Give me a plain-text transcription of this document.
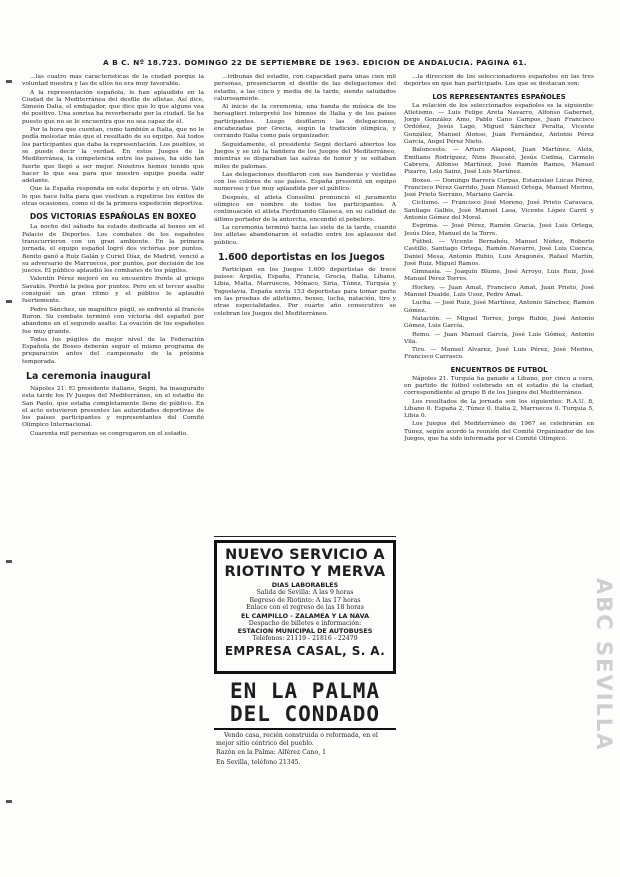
A B C. Nº 18.723. DOMINGO 22 DE SEPTIEMBRE DE 1963. EDICION DE ANDALUCIA. PAGINA 61.

...las cuatro más características de la ciudad porque la voluntad nuestra y las de ellos no era muy favorable.

A la representación española, le han aplaudido en la Ciudad de la Mediterránea del desfile de atletas. Así dice, Simeón Dalia, el embajador, que dice que lo que alguno vea de positivo. Una sonrisa ha reverberado por la ciudad. Se ha puesto que no se le encuentra que no sea capaz de él.

Por la hora que cuentan, como también a Italia, que no le podía molestar más que el resultado de su equipo. Así todos los participantes que daba la representación. Los pueblos, si se puede decir la verdad. En estos Juegos de la Mediterránea, la competencia entre los países, ha sido tan fuerte que llegó a ser mejor. Nosotros hemos tenido que hacer lo que sea para que nuestro equipo pueda salir adelante.

Que la España responda en este deporte y en otros. Vale lo que hace falta para que vuelvan a repetirse los éxitos de otras ocasiones, como el de la primera expedición deportiva.

DOS VICTORIAS ESPAÑOLAS EN BOXEO

La noche del sábado ha estado dedicada al boxeo en el Palacio de Deportes. Los combates de los españoles transcurrieron con un gran ambiente. En la primera jornada, el equipo español logró dos victorias por puntos. Benito ganó a Ruiz Galán y Curiel Díaz, de Madrid, venció a su adversario de Marruecos, por puntos, por decisión de los jueces. El público aplaudió los combates de los púgiles.

Valentín Pérez mejoró en su encuentro frente al griego Savakis. Perdió la pelea por puntos. Pero en el tercer asalto consiguió un gran ritmo y el público le aplaudió fuertemente.

Pedro Sánchez, un magnífico púgil, se enfrentó al francés Buron. Su combate terminó con victoria del español por abandono en el segundo asalto. La ovación de los españoles fue muy grande.

Todos los púgiles de mejor nivel de la Federación Española de Boxeo deberán seguir el mismo programa de preparación antes del campeonato de la próxima temporada.

La ceremonia inaugural

Nápoles 21. El presidente italiano, Segni, ha inaugurado esta tarde los IV Juegos del Mediterráneo, en el estadio de San Paolo, que estaba completamente lleno de público. En el acto estuvieron presentes las autoridades deportivas de los países participantes y representantes del Comité Olímpico Internacional.

Cuarenta mil personas se congregaron en el estadio.

...tribunas del estadio, con capacidad para unas cien mil personas, presenciaron el desfile de las delegaciones del estadio, a las cinco y media de la tarde, siendo saludados calurosamente.

Al inicio de la ceremonia, una banda de música de los bersaglieri interpretó los himnos de Italia y de los países participantes. Luego desfilaron las delegaciones, encabezadas por Grecia, según la tradición olímpica, y cerrando Italia como país organizador.

Seguidamente, el presidente Segni declaró abiertos los Juegos y se izó la bandera de los Juegos del Mediterráneo, mientras se disparaban las salvas de honor y se soltaban miles de palomas.

Las delegaciones desfilaron con sus banderas y vestidas con los colores de sus países. España presentó un equipo numeroso y fue muy aplaudida por el público.

Después, el atleta Consolini pronunció el juramento olímpico en nombre de todos los participantes. A continuación el atleta Ferdinando Glausca, en su calidad de último portador de la antorcha, encendió el pebetero.

La ceremonia terminó hacia las siete de la tarde, cuando los atletas abandonaron el estadio entre los aplausos del público.

1.600 deportistas en los Juegos

Participan en los Juegos 1.600 deportistas de trece países: Argelia, España, Francia, Grecia, Italia, Líbano, Libia, Malta, Marruecos, Mónaco, Siria, Túnez, Turquía y Yugoslavia. España envía 153 deportistas para tomar parte en las pruebas de atletismo, boxeo, lucha, natación, tiro y otras especialidades. Por cuarto año consecutivo se celebran los Juegos del Mediterráneo.

NUEVO SERVICIO A
RIOTINTO Y MERVA
DIAS LABORABLES
Salida de Sevilla: A las 9 horas
Regreso de Riotinto: A las 17 horas
Enlace con el regreso de las 18 horas
EL CAMPILLO - ZALAMEA Y LA NAVA
Despacho de billetes e información:
ESTACION MUNICIPAL DE AUTOBUSES
Teléfonos: 21119 - 21816 - 22479
EMPRESA CASAL, S. A.
EN LA PALMA DEL CONDADO
Vendo casa, recién construida o reformada, en el mejor sitio céntrico del pueblo.
Razón en la Palma: Alférez Cano, 1
En Sevilla, teléfono 21345.

...la dirección de los seleccionadores españoles en las tres deportes en que han participado. Los que se destacan son:

LOS REPRESENTANTES ESPAÑOLES

La relación de los seleccionados españoles es la siguiente: Atletismo. — Luis Felipe Areta Navarro, Alfonso Gabernet, Jorge González Amo, Pablo Cano Campos, Juan Francisco Ordóñez, Jesús Lago, Miguel Sánchez Peralta, Vicente González, Manuel Alonso, Juan Fernández, Antonio Pérez García, Angel Pérez Nieto.

Baloncesto. — Arturo Alapont, Juan Martínez, Aleix, Emiliano Rodríguez, Nino Buscató, Jesús Codina, Carmelo Cabrera, Alfonso Martínez, José Ramón Ramos, Manuel Pizarro, Lolo Sainz, José Luis Martínez.

Boxeo. — Domingo Barrera Corpas, Estanislao Lucas Pérez, Francisco Pérez Garrido, Juan Manuel Ortega, Manuel Merino, José Prieto Serrano, Mariano García.

Ciclismo. — Francisco José Moreno, José Prieto Caravaca, Santiago Galbis, José Manuel Lasa, Vicente López Carril y Antonio Gómez del Moral.

Esgrima. — José Pérez, Ramón Gracia, José Luis Ortega, Jesús Díez, Manuel de la Torre.

Fútbol. — Vicente Bernabéu, Manuel Núñez, Roberto Castillo, Santiago Ortega, Ramón Navarro, José Luis Cuenca, Daniel Mesa, Antonio Rubio, Luis Aragonés, Rafael Martín, José Ruiz, Miguel Ramos.

Gimnasia. — Joaquín Blume, José Arroyo, Luis Ruiz, José Manuel Pérez Torres.

Hockey. — Juan Amat, Francisco Amat, Juan Prieto, José Manuel Dualde, Luis Usoz, Pedro Amat.

Lucha. — José Ruiz, José Martínez, Antonio Sánchez, Ramón Gómez.

Natación. — Miguel Torres, Jorge Rubio, José Antonio Gómez, Luis García.

Remo. — Juan Manuel García, José Luis Gómez, Antonio Vila.

Tiro. — Manuel Alvarez, José Luis Pérez, José Merino, Francisco Carrasco.

ENCUENTROS DE FUTBOL

Nápoles 21. Turquía ha ganado a Líbano, por cinco a cero, en partido de fútbol celebrado en el estadio de la ciudad, correspondiente al grupo B de los Juegos del Mediterráneo.

Los resultados de la jornada son los siguientes: R.A.U. 8, Líbano 0. España 2, Túnez 0. Italia 2, Marruecos 0. Turquía 5, Libia 0.

Los Juegos del Mediterráneo de 1967 se celebrarán en Túnez, según acordó la reunión del Comité Organizador de los Juegos, que ha sido informada por el Comité Olímpico.

ABC SEVILLA
